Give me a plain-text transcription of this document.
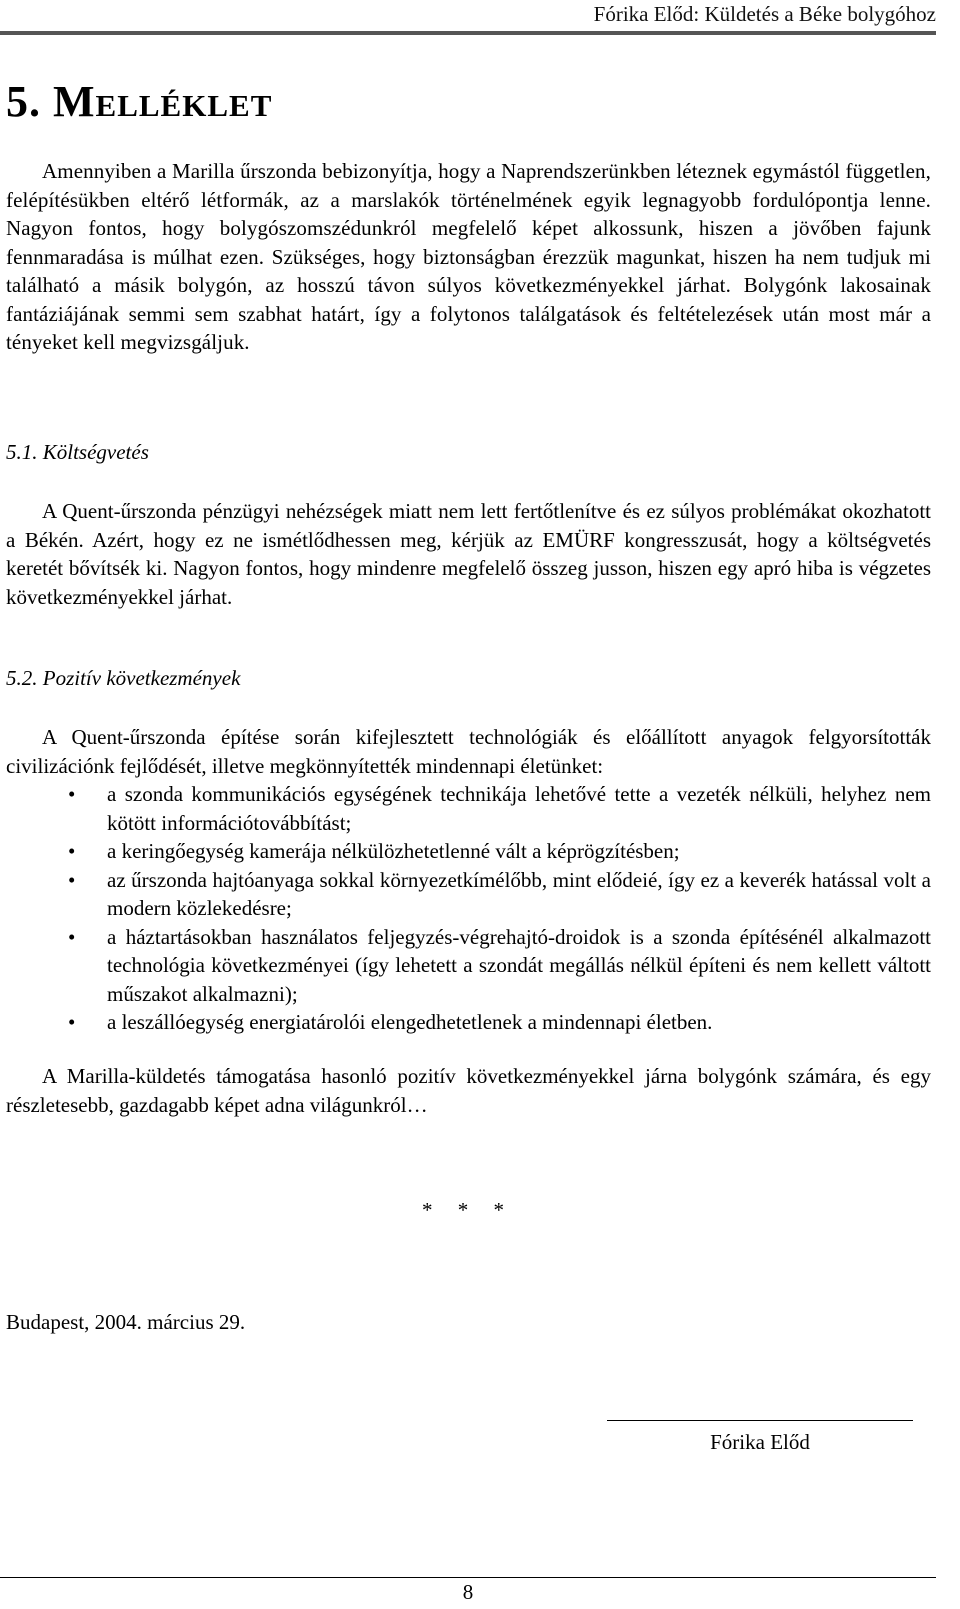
Fórika Előd: Küldetés a Béke bolygóhoz
5. Melléklet

Amennyiben a Marilla űrszonda bebizonyítja, hogy a Naprendszerünkben léteznek egymástól független, felépítésükben eltérő létformák, az a marslakók történelmének egyik legnagyobb fordulópontja lenne. Nagyon fontos, hogy bolygószomszédunkról megfelelő képet alkossunk, hiszen a jövőben fajunk fennmaradása is múlhat ezen. Szükséges, hogy biztonságban érezzük magunkat, hiszen ha nem tudjuk mi található a másik bolygón, az hosszú távon súlyos következményekkel járhat. Bolygónk lakosainak fantáziájának semmi sem szabhat határt, így a folytonos találgatások és feltételezések után most már a tényeket kell megvizsgáljuk.

5.1. Költségvetés

A Quent-űrszonda pénzügyi nehézségek miatt nem lett fertőtlenítve és ez súlyos problémákat okozhatott a Békén. Azért, hogy ez ne ismétlődhessen meg, kérjük az EMÜRF kongresszusát, hogy a költségvetés keretét bővítsék ki. Nagyon fontos, hogy mindenre megfelelő összeg jusson, hiszen egy apró hiba is végzetes következményekkel járhat.

5.2. Pozitív következmények

A Quent-űrszonda építése során kifejlesztett technológiák és előállított anyagok felgyorsították civilizációnk fejlődését, illetve megkönnyítették mindennapi életünket:

• a szonda kommunikációs egységének technikája lehetővé tette a vezeték nélküli, helyhez nem kötött információtovábbítást;
• a keringőegység kamerája nélkülözhetetlenné vált a képrögzítésben;
• az űrszonda hajtóanyaga sokkal környezetkímélőbb, mint elődeié, így ez a keverék hatással volt a modern közlekedésre;
• a háztartásokban használatos feljegyzés-végrehajtó-droidok is a szonda építésénél alkalmazott technológia következményei (így lehetett a szondát megállás nélkül építeni és nem kellett váltott műszakot alkalmazni);
• a leszállóegység energiatárolói elengedhetetlenek a mindennapi életben.

A Marilla-küldetés támogatása hasonló pozitív következményekkel járna bolygónk számára, és egy részletesebb, gazdagabb képet adna világunkról…

* * *
Budapest, 2004. március 29.
Fórika Előd
8
